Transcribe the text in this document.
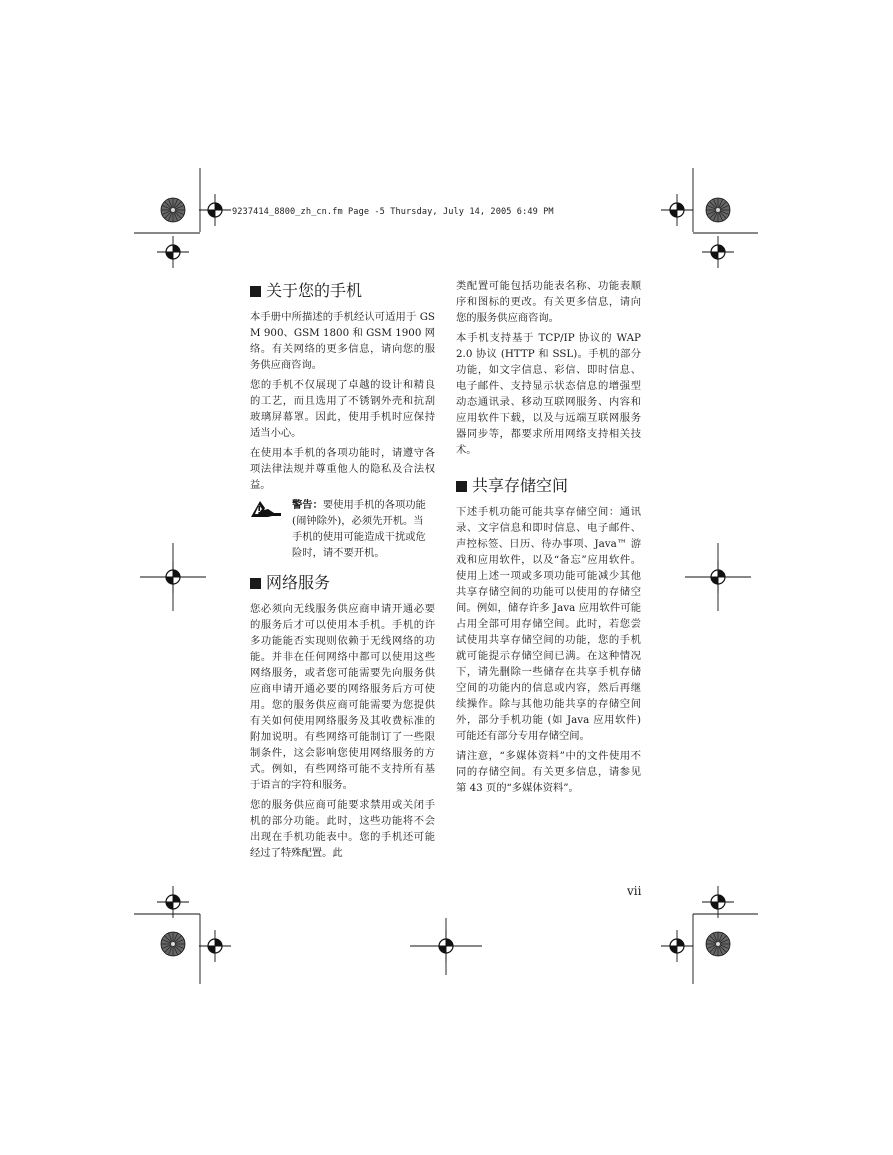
9237414_8800_zh_cn.fm Page -5 Thursday, July 14, 2005 6:49 PM
关于您的手机

本手册中所描述的手机经认可适用于 GSM 900、GSM 1800 和 GSM 1900 网络。有关网络的更多信息，请向您的服务供应商咨询。

您的手机不仅展现了卓越的设计和精良的工艺，而且选用了不锈钢外壳和抗刮玻璃屏幕罩。因此，使用手机时应保持适当小心。

在使用本手机的各项功能时，请遵守各项法律法规并尊重他人的隐私及合法权益。

警告：要使用手机的各项功能 (闹钟除外)，必须先开机。当手机的使用可能造成干扰或危险时，请不要开机。
网络服务

您必须向无线服务供应商申请开通必要的服务后才可以使用本手机。手机的许多功能能否实现则依赖于无线网络的功能。并非在任何网络中都可以使用这些网络服务，或者您可能需要先向服务供应商申请开通必要的网络服务后方可使用。您的服务供应商可能需要为您提供有关如何使用网络服务及其收费标准的附加说明。有些网络可能制订了一些限制条件，这会影响您使用网络服务的方式。例如，有些网络可能不支持所有基于语言的字符和服务。

您的服务供应商可能要求禁用或关闭手机的部分功能。此时，这些功能将不会出现在手机功能表中。您的手机还可能经过了特殊配置。此

类配置可能包括功能表名称、功能表顺序和图标的更改。有关更多信息，请向您的服务供应商咨询。

本手机支持基于 TCP/IP 协议的 WAP 2.0 协议 (HTTP 和 SSL)。手机的部分功能，如文字信息、彩信、即时信息、电子邮件、支持显示状态信息的增强型动态通讯录、移动互联网服务、内容和应用软件下载，以及与远端互联网服务器同步等，都要求所用网络支持相关技术。

共享存储空间

下述手机功能可能共享存储空间：通讯录、文字信息和即时信息、电子邮件、声控标签、日历、待办事项、Java™ 游戏和应用软件，以及“备忘”应用软件。使用上述一项或多项功能可能减少其他共享存储空间的功能可以使用的存储空间。例如，储存许多 Java 应用软件可能占用全部可用存储空间。此时，若您尝试使用共享存储空间的功能，您的手机就可能提示存储空间已满。在这种情况下，请先删除一些储存在共享手机存储空间的功能内的信息或内容，然后再继续操作。除与其他功能共享的存储空间外，部分手机功能 (如 Java 应用软件) 可能还有部分专用存储空间。

请注意，“多媒体资料”中的文件使用不同的存储空间。有关更多信息，请参见第 43 页的“多媒体资料”。

vii
